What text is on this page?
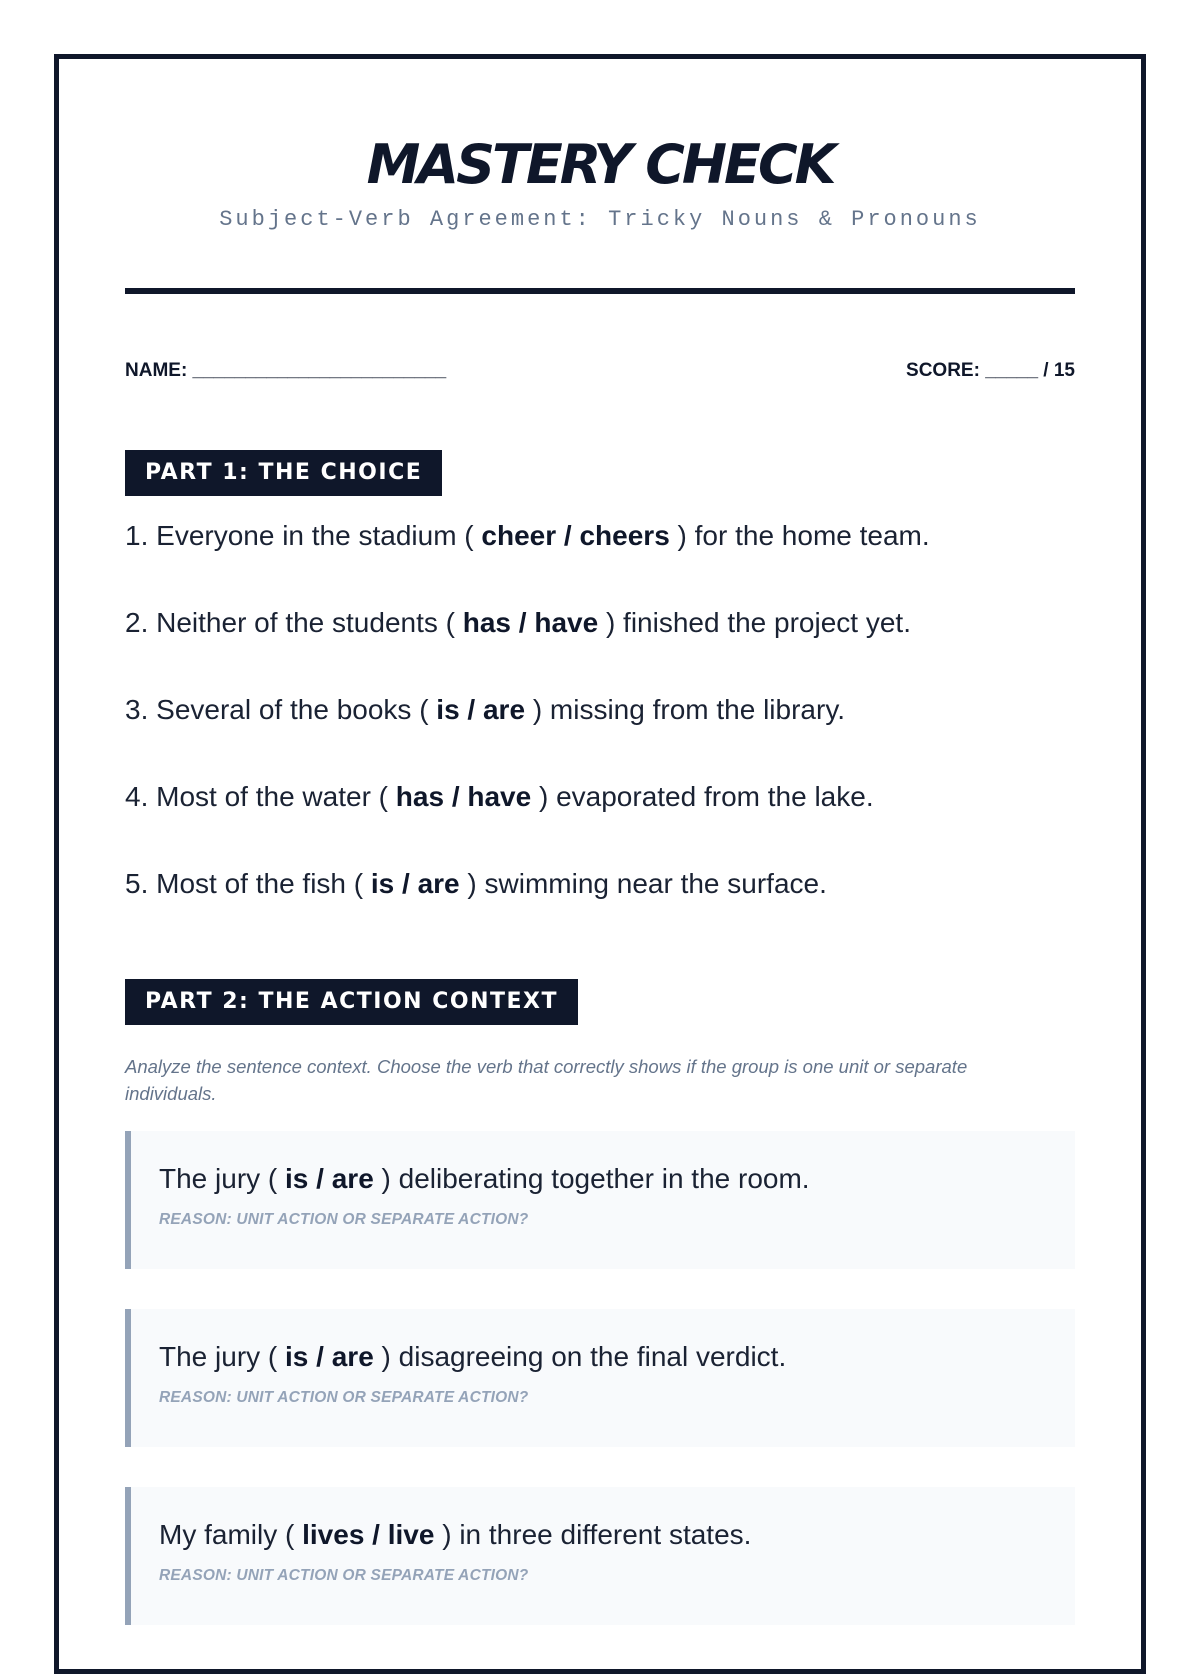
MASTERY CHECK
Subject-Verb Agreement: Tricky Nouns & Pronouns
NAME: ________________________	SCORE: _____ / 15
PART 1: THE CHOICE
1. Everyone in the stadium ( cheer / cheers ) for the home team.
2. Neither of the students ( has / have ) finished the project yet.
3. Several of the books ( is / are ) missing from the library.
4. Most of the water ( has / have ) evaporated from the lake.
5. Most of the fish ( is / are ) swimming near the surface.
PART 2: THE ACTION CONTEXT
Analyze the sentence context. Choose the verb that correctly shows if the group is one unit or separate individuals.
The jury ( is / are ) deliberating together in the room.
REASON: UNIT ACTION OR SEPARATE ACTION?
The jury ( is / are ) disagreeing on the final verdict.
REASON: UNIT ACTION OR SEPARATE ACTION?
My family ( lives / live ) in three different states.
REASON: UNIT ACTION OR SEPARATE ACTION?
